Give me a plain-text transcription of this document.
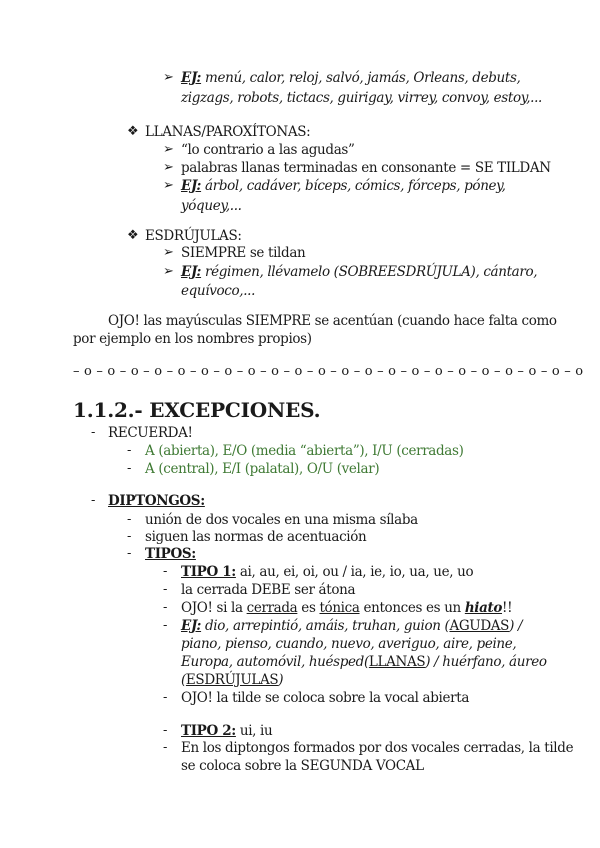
➢ EJ: menú, calor, reloj, salvó, jamás, Orleans, debuts,
zigzags, robots, tictacs, guirigay, virrey, convoy, estoy,...
❖ LLANAS/PAROXÍTONAS:
➢ “lo contrario a las agudas”
➢ palabras llanas terminadas en consonante = SE TILDAN
➢ EJ: árbol, cadáver, bíceps, cómics, fórceps, póney,
yóquey,...
❖ ESDRÚJULAS:
➢ SIEMPRE se tildan
➢ EJ: régimen, llévamelo (SOBREESDRÚJULA), cántaro,
equívoco,...
OJO! las mayúsculas SIEMPRE se acentúan (cuando hace falta como
por ejemplo en los nombres propios)
– o – o – o – o – o – o – o – o – o – o – o – o – o – o – o – o – o – o – o – o – o – o
1.1.2.- EXCEPCIONES.
- RECUERDA!
- A (abierta), E/O (media “abierta”), I/U (cerradas)
- A (central), E/I (palatal), O/U (velar)
- DIPTONGOS:
- unión de dos vocales en una misma sílaba
- siguen las normas de acentuación
- TIPOS:
- TIPO 1: ai, au, ei, oi, ou / ia, ie, io, ua, ue, uo
- la cerrada DEBE ser átona
- OJO! si la cerrada es tónica entonces es un hiato!!
- EJ: dio, arrepintió, amáis, truhan, guion (AGUDAS) /
piano, pienso, cuando, nuevo, averiguo, aire, peine,
Europa, automóvil, huésped(LLANAS) / huérfano, áureo
(ESDRÚJULAS)
- OJO! la tilde se coloca sobre la vocal abierta
- TIPO 2: ui, iu
- En los diptongos formados por dos vocales cerradas, la tilde
se coloca sobre la SEGUNDA VOCAL
